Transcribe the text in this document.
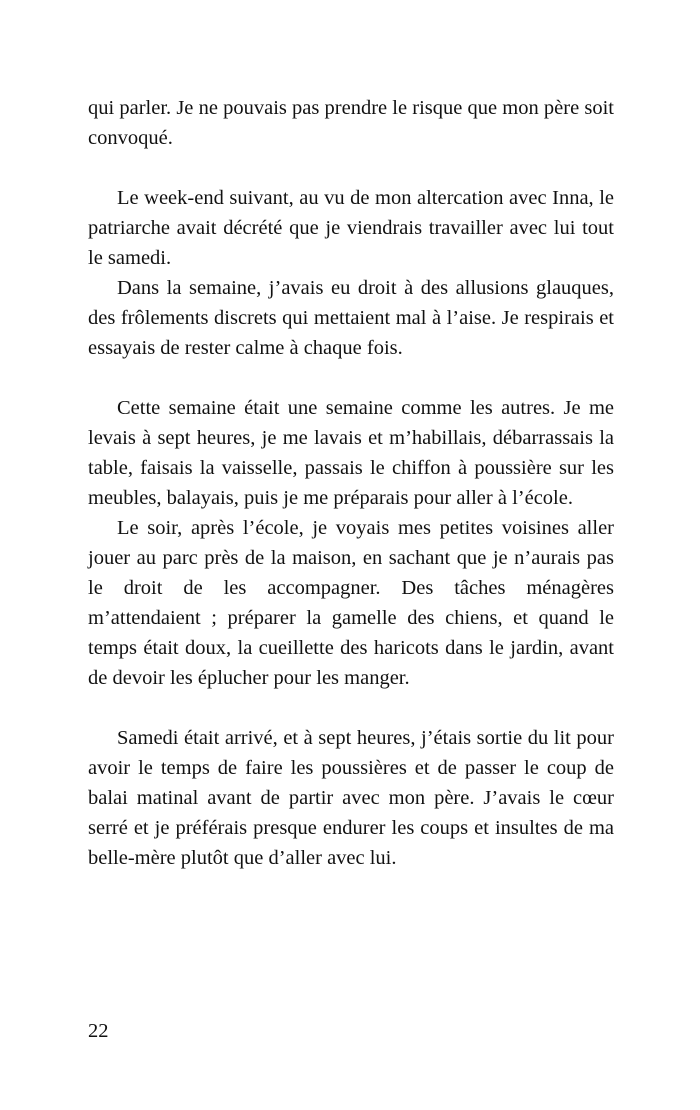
qui parler. Je ne pouvais pas prendre le risque que mon père soit convoqué.

Le week-end suivant, au vu de mon altercation avec Inna, le patriarche avait décrété que je viendrais travailler avec lui tout le samedi.

Dans la semaine, j’avais eu droit à des allusions glauques, des frôlements discrets qui mettaient mal à l’aise. Je respirais et essayais de rester calme à chaque fois.

Cette semaine était une semaine comme les autres. Je me levais à sept heures, je me lavais et m’habillais, débarrassais la table, faisais la vaisselle, passais le chiffon à poussière sur les meubles, balayais, puis je me préparais pour aller à l’école.

Le soir, après l’école, je voyais mes petites voisines aller jouer au parc près de la maison, en sachant que je n’aurais pas le droit de les accompagner. Des tâches ménagères m’attendaient ; préparer la gamelle des chiens, et quand le temps était doux, la cueillette des haricots dans le jardin, avant de devoir les éplucher pour les manger.

Samedi était arrivé, et à sept heures, j’étais sortie du lit pour avoir le temps de faire les poussières et de passer le coup de balai matinal avant de partir avec mon père. J’avais le cœur serré et je préférais presque endurer les coups et insultes de ma belle-mère plutôt que d’aller avec lui.

22
